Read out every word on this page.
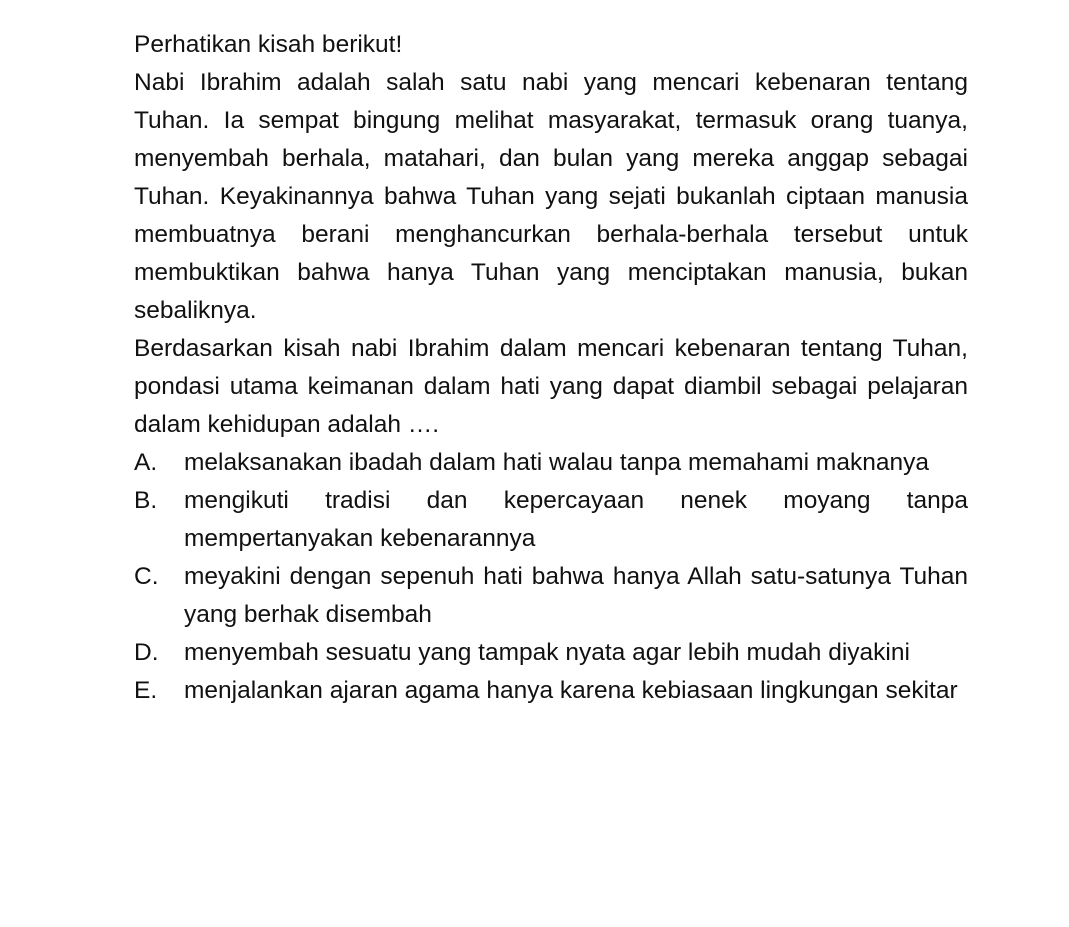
Perhatikan kisah berikut!

Nabi Ibrahim adalah salah satu nabi yang mencari kebenaran tentang Tuhan. Ia sempat bingung melihat masyarakat, termasuk orang tuanya, menyembah berhala, matahari, dan bulan yang mereka anggap sebagai Tuhan. Keyakinannya bahwa Tuhan yang sejati bukanlah ciptaan manusia membuatnya berani menghancurkan berhala-berhala tersebut untuk membuktikan bahwa hanya Tuhan yang menciptakan manusia, bukan sebaliknya.

Berdasarkan kisah nabi Ibrahim dalam mencari kebenaran tentang Tuhan, pondasi utama keimanan dalam hati yang dapat diambil sebagai pelajaran dalam kehidupan adalah ….

A.	melaksanakan ibadah dalam hati walau tanpa memahami maknanya
B.	mengikuti tradisi dan kepercayaan nenek moyang tanpa mempertanyakan kebenarannya
C.	meyakini dengan sepenuh hati bahwa hanya Allah satu-satunya Tuhan yang berhak disembah
D.	menyembah sesuatu yang tampak nyata agar lebih mudah diyakini
E.	menjalankan ajaran agama hanya karena kebiasaan lingkungan sekitar
